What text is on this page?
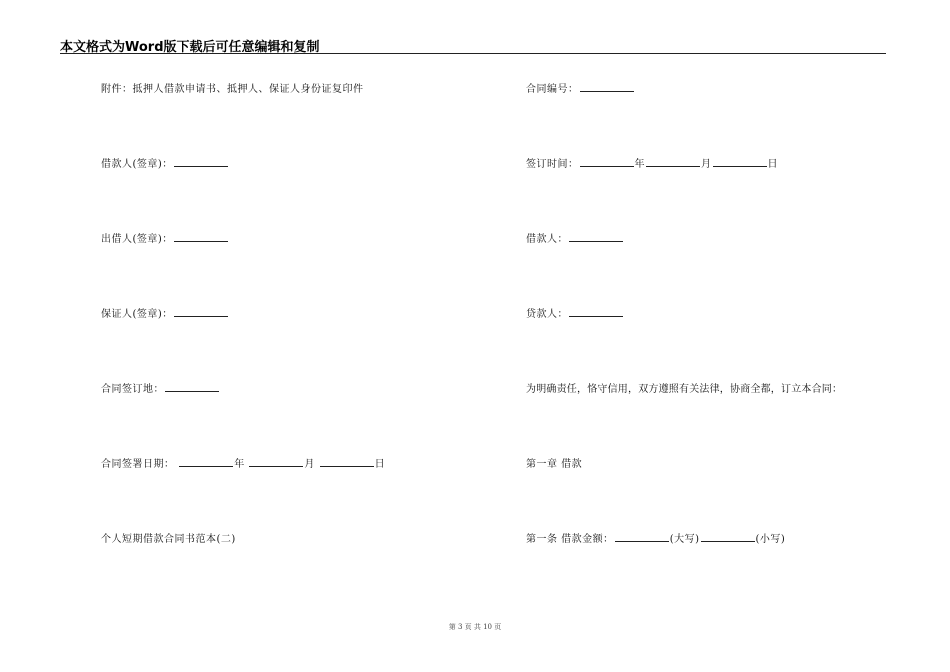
本文格式为Word版下载后可任意编辑和复制
附件：抵押人借款申请书、抵押人、保证人身份证复印件
借款人(签章)：
出借人(签章)：
保证人(签章)：
合同签订地：
合同签署日期：	年	月	日
个人短期借款合同书范本(二)
合同编号：
签订时间：	年	月	日
借款人：
贷款人：
为明确责任，恪守信用，双方遵照有关法律，协商全都，订立本合同：
第一章 借款
第一条 借款金额：	(大写)	(小写)
第 3 页 共 10 页
